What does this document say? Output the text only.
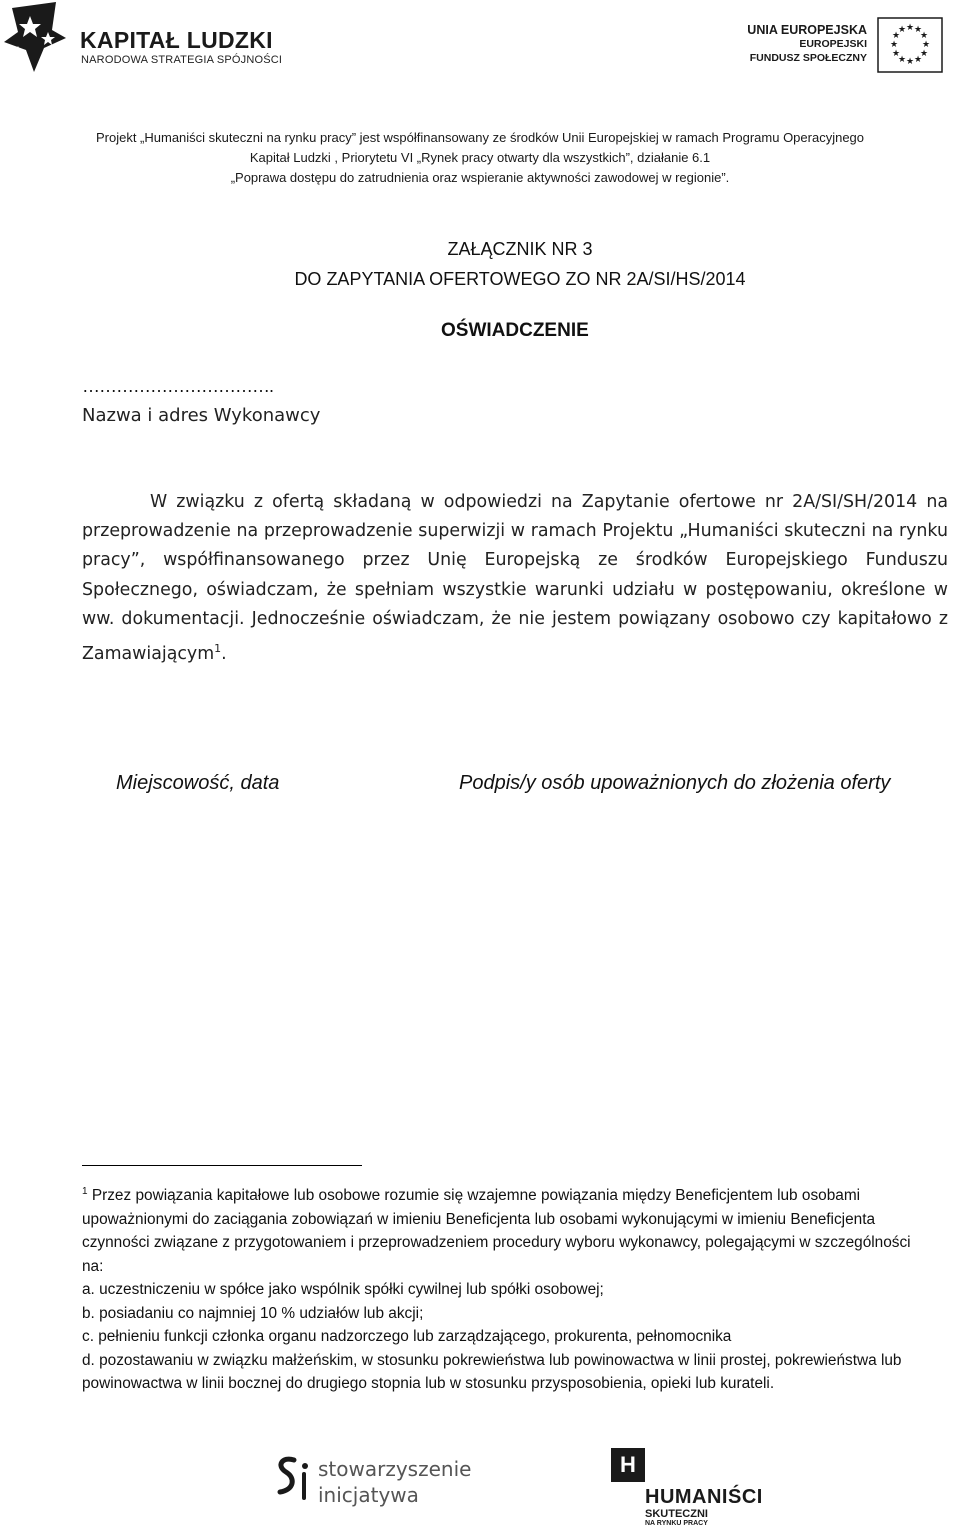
KAPITAŁ LUDZKI
NARODOWA STRATEGIA SPÓJNOŚCI
UNIA EUROPEJSKA
EUROPEJSKI
FUNDUSZ SPOŁECZNY
★ ★
★
★
★
★
★
★
★
★
★
★
Projekt „Humaniści skuteczni na rynku pracy” jest współfinansowany ze środków Unii Europejskiej w ramach Programu Operacyjnego
Kapitał Ludzki , Priorytetu VI „Rynek pracy otwarty dla wszystkich”, działanie 6.1
„Poprawa dostępu do zatrudnienia oraz wspieranie aktywności zawodowej w regionie”.
ZAŁĄCZNIK NR 3
DO ZAPYTANIA OFERTOWEGO ZO NR 2A/SI/HS/2014
OŚWIADCZENIE
…………………………….
Nazwa i adres Wykonawcy
W związku z ofertą składaną w odpowiedzi na Zapytanie ofertowe nr 2A/SI/SH/2014 na przeprowadzenie na przeprowadzenie superwizji w ramach Projektu „Humaniści skuteczni na rynku pracy”, współfinansowanego przez Unię Europejską ze środków Europejskiego Funduszu Społecznego, oświadczam, że spełniam wszystkie warunki udziału w postępowaniu, określone w ww. dokumentacji. Jednocześnie oświadczam, że nie jestem powiązany osobowo czy kapitałowo z Zamawiającym$^1$.
Miejscowość, data	Podpis/y osób upoważnionych do złożenia oferty

$^1$ Przez powiązania kapitałowe lub osobowe rozumie się wzajemne powiązania między Beneficjentem lub osobami upoważnionymi do zaciągania zobowiązań w imieniu Beneficjenta lub osobami wykonującymi w imieniu Beneficjenta czynności związane z przygotowaniem i przeprowadzeniem procedury wyboru wykonawcy, polegającymi w szczególności na:

a. uczestniczeniu w spółce jako wspólnik spółki cywilnej lub spółki osobowej;

b. posiadaniu co najmniej 10 % udziałów lub akcji;

c. pełnieniu funkcji członka organu nadzorczego lub zarządzającego, prokurenta, pełnomocnika

d. pozostawaniu w związku małżeńskim, w stosunku pokrewieństwa lub powinowactwa w linii prostej, pokrewieństwa lub powinowactwa w linii bocznej do drugiego stopnia lub w stosunku przysposobienia, opieki lub kurateli.

stowarzyszenie
inicjatywa
H
HUMANIŚCI
SKUTECZNI
NA RYNKU PRACY
